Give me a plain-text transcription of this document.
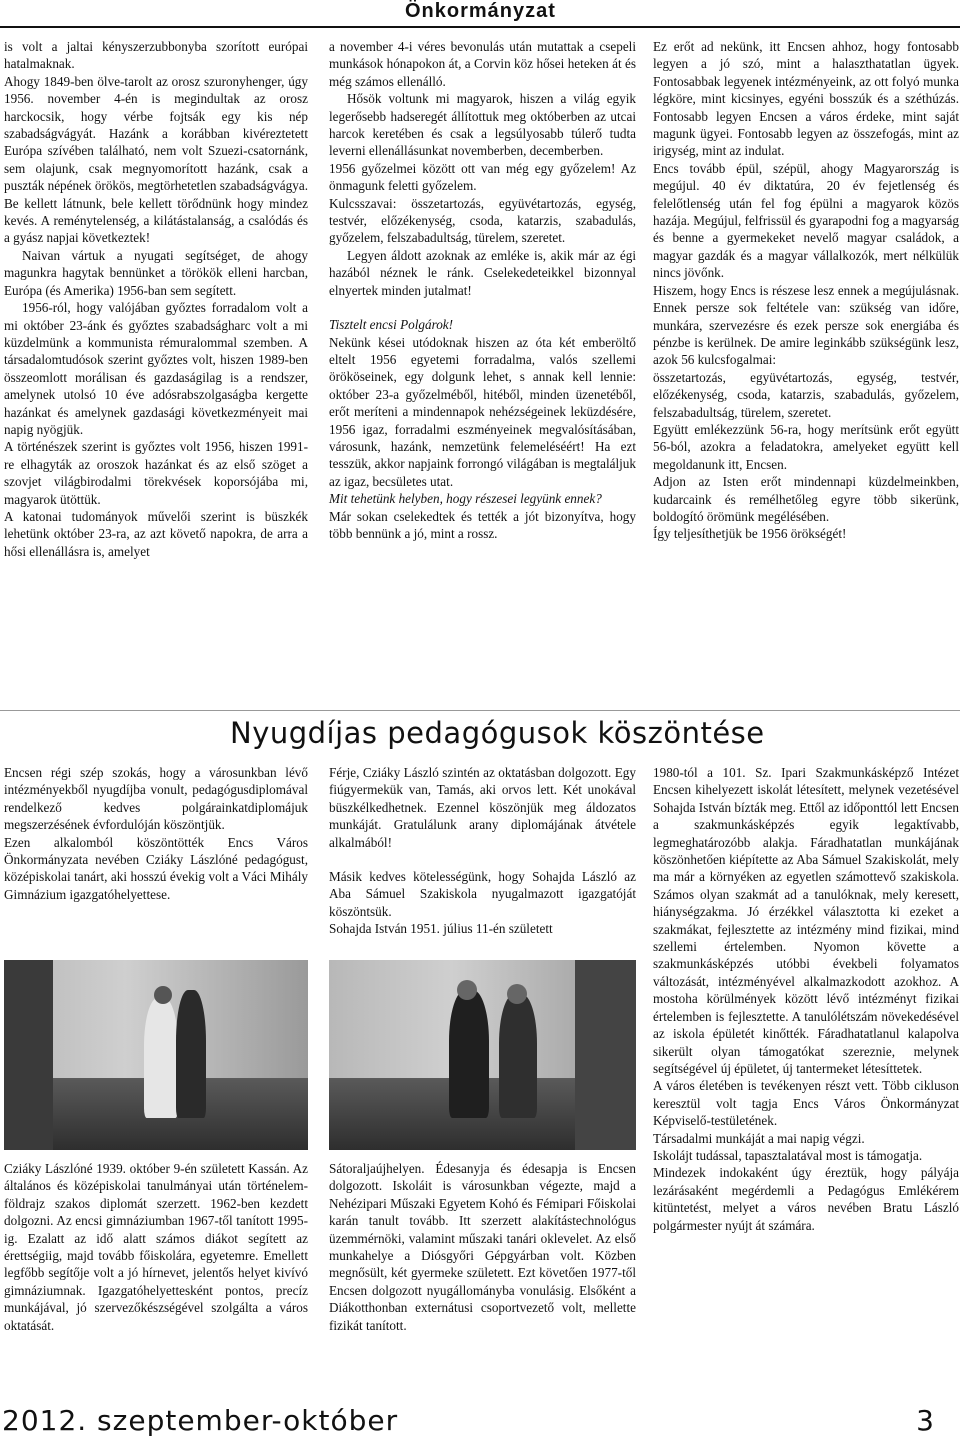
Önkormányzat

is volt a jaltai kényszerzubbonyba szorított európai hatalmaknak.

Ahogy 1849-ben ölve-tarolt az orosz szuronyhenger, úgy 1956. november 4-én is megindultak az orosz harckocsik, hogy vérbe fojtsák egy kis nép szabadságvágyát. Hazánk a korábban kivéreztetett Európa szívében található, nem volt Szuezi-csatornánk, sem olajunk, csak megnyomorított hazánk, csak a puszták népének örökös, megtörhetetlen szabadságvágya. Be kellett látnunk, bele kellett törődnünk hogy mindez kevés. A reménytelenség, a kilátástalanság, a csalódás és a gyász napjai következtek!

Naivan vártuk a nyugati segítséget, de ahogy magunkra hagytak bennünket a törökök elleni harcban, Európa (és Amerika) 1956-ban sem segített.

1956-ról, hogy valójában győztes forradalom volt a mi október 23-ánk és győztes szabadságharc volt a mi küzdelmünk a kommunista rémuralommal szemben. A társadalomtudósok szerint győztes volt, hiszen 1989-ben összeomlott morálisan és gazdaságilag is a rendszer, amelynek utolsó 10 éve adósrabszolgaságba kergette hazánkat és amelynek gazdasági következményeit mai napig nyögjük.

A történészek szerint is győztes volt 1956, hiszen 1991-re elhagyták az oroszok hazánkat és az első szöget a szovjet világbirodalmi törekvések koporsójába mi, magyarok ütöttük.

A katonai tudományok művelői szerint is büszkék lehetünk október 23-ra, az azt követő napokra, de arra a hősi ellenállásra is, amelyet

a november 4-i véres bevonulás után mutattak a csepeli munkások hónapokon át, a Corvin köz hősei heteken át és még számos ellenálló.

Hősök voltunk mi magyarok, hiszen a világ egyik legerősebb hadseregét állítottuk meg októberben az utcai harcok keretében és csak a legsúlyosabb túlerő tudta leverni ellenállásunkat novemberben, decemberben.

1956 győzelmei között ott van még egy győzelem! Az önmagunk feletti győzelem.

Kulcsszavai: összetartozás, együvétartozás, egység, testvér, előzékenység, csoda, katarzis, szabadulás, győzelem, felszabadultság, türelem, szeretet.

Legyen áldott azoknak az emléke is, akik már az égi hazából néznek le ránk. Cselekedeteikkel bizonnyal elnyertek minden jutalmat!

Tisztelt encsi Polgárok!

Nekünk kései utódoknak hiszen az óta két emberöltő eltelt 1956 egyetemi forradalma, valós szellemi örököseinek, egy dolgunk lehet, s annak kell lennie: október 23-a győzelméből, hitéből, minden üzenetéből, erőt meríteni a mindennapok nehézségeinek leküzdésére, 1956 igaz, forradalmi eszményeinek megvalósításában, városunk, hazánk, nemzetünk felemeléséért! Ha ezt tesszük, akkor napjaink forrongó világában is megtaláljuk az igaz, becsületes utat.

Mit tehetünk helyben, hogy részesei legyünk ennek?

Már sokan cselekedtek és tették a jót bizonyítva, hogy több bennünk a jó, mint a rossz.

Ez erőt ad nekünk, itt Encsen ahhoz, hogy fontosabb legyen a jó szó, mint a halaszthatatlan ügyek. Fontosabbak legyenek intézményeink, az ott folyó munka légköre, mint kicsinyes, egyéni bosszúk és a széthúzás. Fontosabb legyen Encsen a város érdeke, mint saját magunk ügyei. Fontosabb legyen az összefogás, mint az irigység, mint az indulat.

Encs tovább épül, szépül, ahogy Magyarország is megújul. 40 év diktatúra, 20 év fejetlenség és felelőtlenség után fel fog épülni a magyarok közös hazája. Megújul, felfrissül és gyarapodni fog a magyarság és benne a gyermekeket nevelő magyar családok, a magyar gazdák és a magyar vállalkozók, mert nélkülük nincs jövőnk.

Hiszem, hogy Encs is részese lesz ennek a megújulásnak. Ennek persze sok feltétele van: szükség van időre, munkára, szervezésre és ezek persze sok energiába és pénzbe is kerülnek. De amire leginkább szükségünk lesz, azok 56 kulcsfogalmai:

összetartozás, együvétartozás, egység, testvér, előzékenység, csoda, katarzis, szabadulás, győzelem, felszabadultság, türelem, szeretet.

Együtt emlékezzünk 56-ra, hogy merítsünk erőt együtt 56-ból, azokra a feladatokra, amelyeket együtt kell megoldanunk itt, Encsen.

Adjon az Isten erőt mindennapi küzdelmeinkben, kudarcaink és remélhetőleg egyre több sikerünk, boldogító örömünk megélésében.

Így teljesíthetjük be 1956 örökségét!

Nyugdíjas pedagógusok köszöntése

Encsen régi szép szokás, hogy a városunkban lévő intézményekből nyugdíjba vonult, pedagógusdiplomával rendelkező kedves polgárainkatdiplomájuk megszerzésének évfordulóján köszöntjük.

Ezen alkalomból köszöntötték Encs Város Önkormányzata nevében Cziáky Lászlóné pedagógust, középiskolai tanárt, aki hosszú évekig volt a Váci Mihály Gimnázium igazgatóhelyettese.

Cziáky Lászlóné 1939. október 9-én született Kassán. Az általános és középiskolai tanulmányai után történelem-földrajz szakos diplomát szerzett. 1962-ben kezdett dolgozni. Az encsi gimnáziumban 1967-től tanított 1995-ig. Ezalatt az idő alatt számos diákot segített az érettségiig, majd tovább főiskolára, egyetemre. Emellett legfőbb segítője volt a jó hírnevet, jelentős helyet kivívó gimnáziumnak. Igazgatóhelyettesként pontos, precíz munkájával, jó szervezőkészségével szolgálta a város oktatását.

Férje, Cziáky László szintén az oktatásban dolgozott. Egy fiúgyermekük van, Tamás, aki orvos lett. Két unokával büszkélkedhetnek. Ezennel köszönjük meg áldozatos munkáját. Gratulálunk arany diplomájának átvétele alkalmából!

Másik kedves kötelességünk, hogy Sohajda László az Aba Sámuel Szakiskola nyugalmazott igazgatóját köszöntsük.

Sohajda István 1951. július 11-én született

Sátoraljaújhelyen. Édesanyja és édesapja is Encsen dolgozott. Iskoláit is városunkban végezte, majd a Nehézipari Műszaki Egyetem Kohó és Fémipari Főiskolai karán tanult tovább. Itt szerzett alakítástechnológus üzemmérnöki, valamint műszaki tanári oklevelet. Az első munkahelye a Diósgyőri Gépgyárban volt. Közben megnősült, két gyermeke született. Ezt követően 1977-től Encsen dolgozott nyugállományba vonulásig. Elsőként a Diákotthonban externátusi csoportvezető volt, mellette fizikát tanított.

1980-tól a 101. Sz. Ipari Szakmunkásképző Intézet Encsen kihelyezett iskolát létesített, melynek vezetésével Sohajda István bízták meg. Ettől az időponttól lett Encsen a szakmunkásképzés egyik legaktívabb, legmeghatározóbb alakja. Fáradhatatlan munkájának köszönhetően kiépítette az Aba Sámuel Szakiskolát, mely ma már a környéken az egyetlen számottevő szakiskola. Számos olyan szakmát ad a tanulóknak, mely keresett, hiánységzakma. Jó érzékkel választotta ki ezeket a szakmákat, fejlesztette az intézmény mind fizikai, mind szellemi értelemben. Nyomon követte a szakmunkásképzés utóbbi évekbeli folyamatos változását, intézményével alkalmazkodott azokhoz. A mostoha körülmények között lévő intézményt fizikai értelemben is fejlesztette. A tanulólétszám növekedésével az iskola épületét kinőtték. Fáradhatatlanul kalapolva sikerült olyan támogatókat szereznie, melynek segítségével új épületet, új tantermeket létesíttetek.

A város életében is tevékenyen részt vett. Több cikluson keresztül volt tagja Encs Város Önkormányzat Képviselő-testületének.

Társadalmi munkáját a mai napig végzi.

Iskolájt tudással, tapasztalatával most is támogatja.

Mindezek indokaként úgy éreztük, hogy pályája lezárásaként megérdemli a Pedagógus Emlékérem kitüntetést, melyet a város nevében Bratu László polgármester nyújt át számára.

2012. szeptember-október	3
